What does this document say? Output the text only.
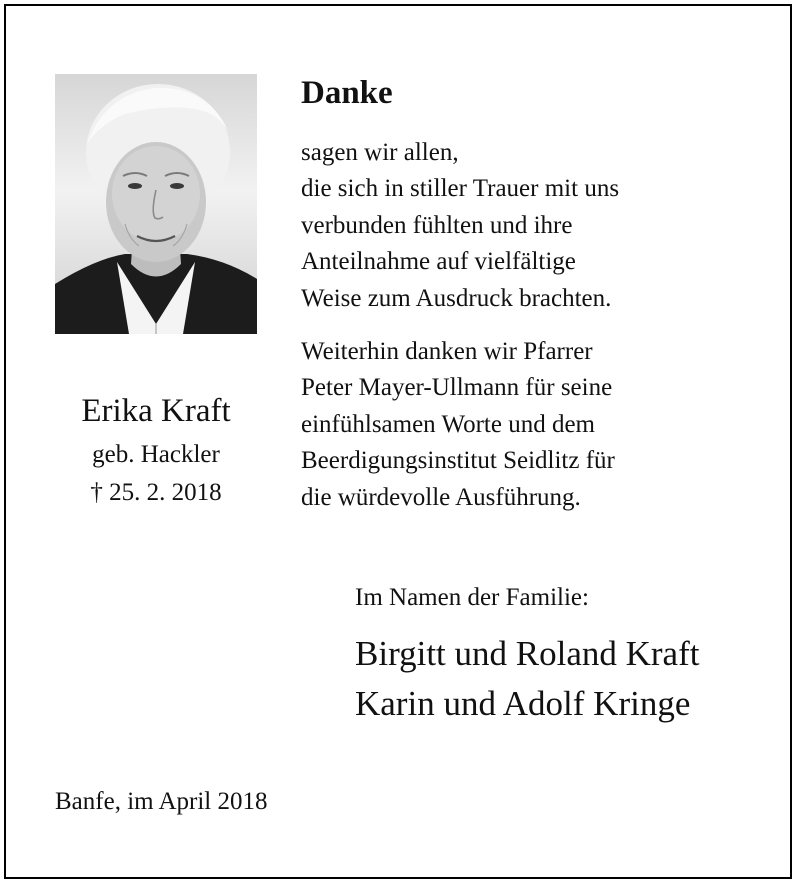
Erika Kraft
geb. Hackler
† 25. 2. 2018
Danke
sagen wir allen,
die sich in stiller Trauer mit uns
verbunden fühlten und ihre
Anteilnahme auf vielfältige
Weise zum Ausdruck brachten.
Weiterhin danken wir Pfarrer
Peter Mayer-Ullmann für seine
einfühlsamen Worte und dem
Beerdigungsinstitut Seidlitz für
die würdevolle Ausführung.
Im Namen der Familie:
Birgitt und Roland Kraft
Karin und Adolf Kringe
Banfe, im April 2018
